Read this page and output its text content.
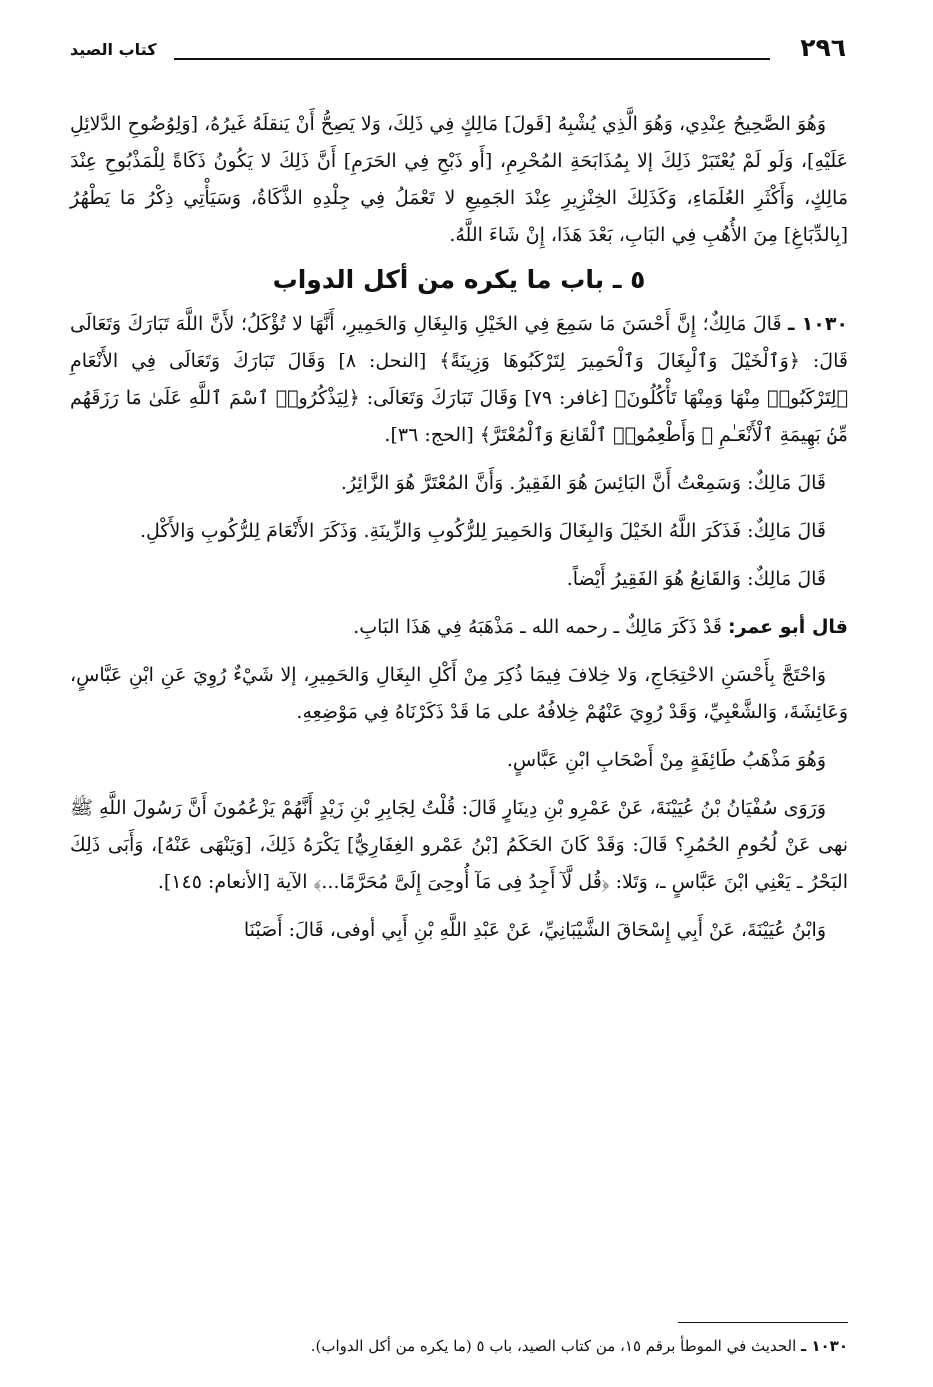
٢٩٦
كتاب الصيد

وَهُوَ الصَّحِيحُ عِنْدِي، وَهُوَ الَّذِي يُشْبِهُ [قَولَ] مَالِكٍ فِي ذَلِكَ، وَلا يَصِحُّ أَنْ يَنقلَهُ غَيرُهُ، [وَلِوُضُوحِ الدَّلائِلِ عَلَيْهِ]، وَلَو لَمْ يُعْتَبَرْ ذَلِكَ إلا بِمُذَابَحَةِ المُحْرِمِ، [أَو ذَبْحِ فِي الحَرَمِ] أَنَّ ذَلِكَ لا يَكُونُ ذَكَاةً لِلْمَذْبُوحِ عِنْدَ مَالِكٍ، وَأَكْثَرِ العُلَمَاءِ، وَكَذَلِكَ الخِنْزِيرِ عِنْدَ الجَمِيعِ لا تَعْمَلُ فِي جِلْدِهِ الذَّكَاةُ، وَسَيَأْتِي ذِكْرُ مَا يَطْهُرُ [بِالدِّبَاغِ] مِنَ الأُهُبِ فِي البَابِ، بَعْدَ هَذَا، إِنْ شَاءَ اللَّهُ.

٥ ـ باب ما يكره من أكل الدواب

١٠٣٠ ـ قَالَ مَالِكٌ؛ إِنَّ أَحْسَنَ مَا سَمِعَ فِي الخَيْلِ وَالبِغَالِ وَالحَمِيرِ، أَنَّهَا لا تُؤْكَلُ؛ لأَنَّ اللَّهَ تَبَارَكَ وَتَعَالَى قَالَ: ﴿وَٱلْخَيْلَ وَٱلْبِغَالَ وَٱلْحَمِيرَ لِتَرْكَبُوهَا وَزِينَةً﴾ [النحل: ٨] وَقَالَ تَبَارَكَ وَتَعَالَى فِي الأَنْعَامِ ﴿لِتَرْكَبُوا۟ مِنْهَا وَمِنْهَا تَأْكُلُونَ﴾ [غافر: ٧٩] وَقَالَ تَبَارَكَ وَتَعَالَى: ﴿لِيَذْكُرُوا۟ ٱسْمَ ٱللَّهِ عَلَىٰ مَا رَزَقَهُم مِّنۢ بَهِيمَةِ ٱلْأَنْعَـٰمِ ۖ وَأَطْعِمُوا۟ ٱلْقَانِعَ وَٱلْمُعْتَرَّ﴾ [الحج: ٣٦].

قَالَ مَالِكٌ: وَسَمِعْتُ أَنَّ البَائِسَ هُوَ الفَقِيرُ. وَأَنَّ المُعْتَرَّ هُوَ الزَّائِرُ.

قَالَ مَالِكٌ: فَذَكَرَ اللَّهُ الخَيْلَ وَالبِغَالَ وَالحَمِيرَ لِلرُّكُوبِ وَالزِّينَةِ. وَذَكَرَ الأَنْعَامَ لِلرُّكُوبِ وَالأَكْلِ.

قَالَ مَالِكٌ: وَالقَانِعُ هُوَ الفَقِيرُ أَيْضاً.

قال أبو عمر: قَدْ ذَكَرَ مَالِكٌ ـ رحمه الله ـ مَذْهَبَهُ فِي هَذَا البَابِ.

وَاحْتَجَّ بِأَحْسَنِ الاحْتِجَاجِ، وَلا خِلافَ فِيمَا ذُكِرَ مِنْ أَكْلِ البِغَالِ وَالحَمِيرِ، إلا شَيْءٌ رُوِيَ عَنِ ابْنِ عَبَّاسٍ، وَعَائِشَةَ، وَالشَّعْبِيِّ، وَقَدْ رُوِيَ عَنْهُمْ خِلافُهُ على مَا قَدْ ذَكَرْنَاهُ فِي مَوْضِعِهِ.

وَهُوَ مَذْهَبُ طَائِفَةٍ مِنْ أَصْحَابِ ابْنِ عَبَّاسٍ.

وَرَوَى سُفْيَانُ بْنُ عُيَيْنَةَ، عَنْ عَمْرِو بْنِ دِينَارٍ قَالَ: قُلْتُ لِجَابِرِ بْنِ زَيْدٍ أَنَّهُمْ يَزْعُمُونَ أَنَّ رَسُولَ اللَّهِ ﷺ نهى عَنْ لُحُومِ الحُمُرِ؟ قَالَ: وَقَدْ كَانَ الحَكَمُ [بْنُ عَمْرو الغِفَارِيُّ] يَكْرَهُ ذَلِكَ، [وَيَنْهَى عَنْهُ]، وَأَبَى ذَلِكَ البَحْرُ ـ يَعْنِي ابْنَ عَبَّاسٍ ـ، وَتَلا: ﴿قُل لَّآ أَجِدُ فِى مَآ أُوحِىَ إِلَىَّ مُحَرَّمًا...﴾ الآية [الأنعام: ١٤٥].

وَابْنُ عُيَيْنَةَ، عَنْ أَبِي إِسْحَاقَ الشَّيْبَانِيِّ، عَنْ عَبْدِ اللَّهِ بْنِ أَبِي أوفى، قَالَ: أَصَبْنَا

١٠٣٠ ـ الحديث في الموطأ برقم ١٥، من كتاب الصيد، باب ٥ (ما يكره من أكل الدواب).
